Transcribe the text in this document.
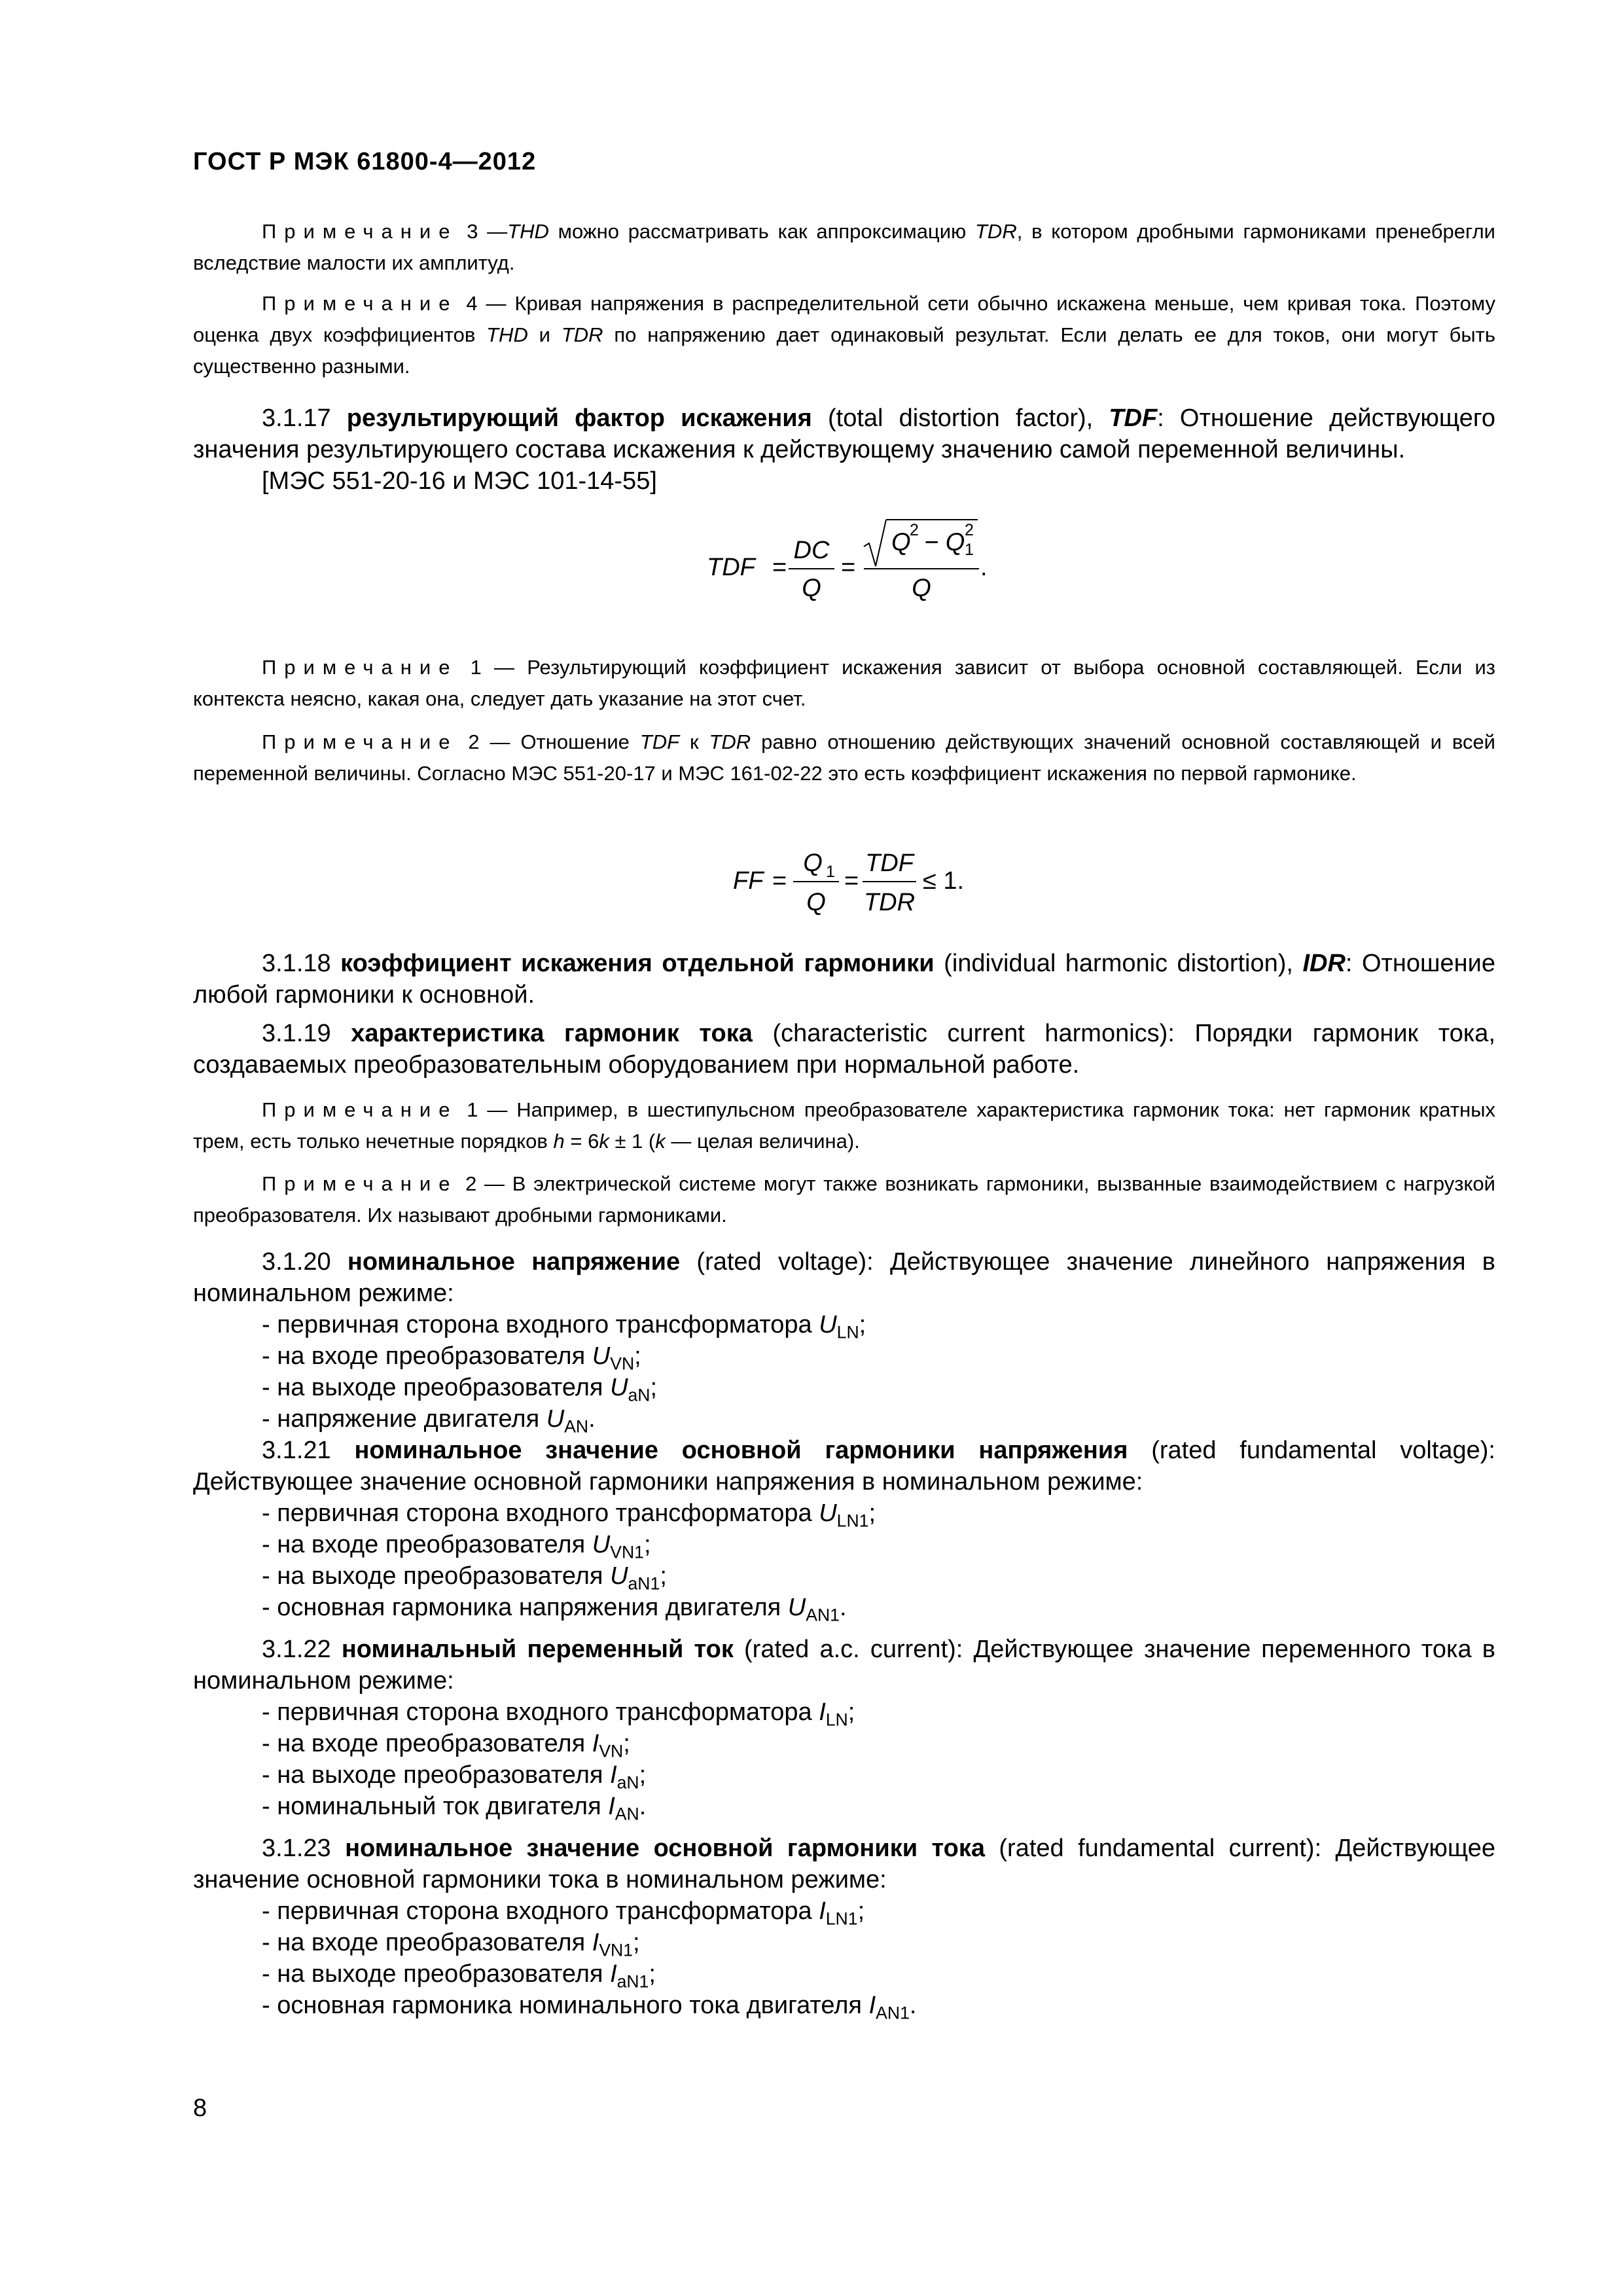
ГОСТ Р МЭК 61800-4—2012
Примечание 3 —THD можно рассматривать как аппроксимацию TDR, в котором дробными гармониками пренебрегли вследствие малости их амплитуд.
Примечание 4 — Кривая напряжения в распределительной сети обычно искажена меньше, чем кривая тока. Поэтому оценка двух коэффициентов THD и TDR по напряжению дает одинаковый результат. Если делать ее для токов, они могут быть существенно разными.
3.1.17 результирующий фактор искажения (total distortion factor), TDF: Отношение действующего значения результирующего состава искажения к действующему значению самой переменной величины.
[МЭС 551-20-16 и МЭС 101-14-55]
TDF =
DC
Q
=
Q
2 − Q 2
1
Q
.
Примечание 1 — Результирующий коэффициент искажения зависит от выбора основной составляющей. Если из контекста неясно, какая она, следует дать указание на этот счет.
Примечание 2 — Отношение TDF к TDR равно отношению действующих значений основной составляющей и всей переменной величины. Согласно МЭС 551-20-17 и МЭС 161-02-22 это есть коэффициент искажения по первой гармонике.
FF =
Q 1
Q
=
TDF
TDR
≤ 1.
3.1.18 коэффициент искажения отдельной гармоники (individual harmonic distortion), IDR: Отношение любой гармоники к основной.
3.1.19 характеристика гармоник тока (characteristic current harmonics): Порядки гармоник тока, создаваемых преобразовательным оборудованием при нормальной работе.
Примечание 1 — Например, в шестипульсном преобразователе характеристика гармоник тока: нет гармоник кратных трем, есть только нечетные порядков h = 6k ± 1 (k — целая величина).
Примечание 2 — В электрической системе могут также возникать гармоники, вызванные взаимодействием с нагрузкой преобразователя. Их называют дробными гармониками.
3.1.20 номинальное напряжение (rated voltage): Действующее значение линейного напряжения в номинальном режиме:
- первичная сторона входного трансформатора $U_{LN}$;
- на входе преобразователя $U_{VN}$;
- на выходе преобразователя $U_{aN}$;
- напряжение двигателя $U_{AN}$.
3.1.21 номинальное значение основной гармоники напряжения (rated fundamental voltage): Действующее значение основной гармоники напряжения в номинальном режиме:
- первичная сторона входного трансформатора $U_{LN1}$;
- на входе преобразователя $U_{VN1}$;
- на выходе преобразователя $U_{aN1}$;
- основная гармоника напряжения двигателя $U_{AN1}$.
3.1.22 номинальный переменный ток (rated a.c. current): Действующее значение переменного тока в номинальном режиме:
- первичная сторона входного трансформатора $I_{LN}$;
- на входе преобразователя $I_{VN}$;
- на выходе преобразователя $I_{aN}$;
- номинальный ток двигателя $I_{AN}$.
3.1.23 номинальное значение основной гармоники тока (rated fundamental current): Действующее значение основной гармоники тока в номинальном режиме:
- первичная сторона входного трансформатора $I_{LN1}$;
- на входе преобразователя $I_{VN1}$;
- на выходе преобразователя $I_{aN1}$;
- основная гармоника номинального тока двигателя $I_{AN1}$.
8
